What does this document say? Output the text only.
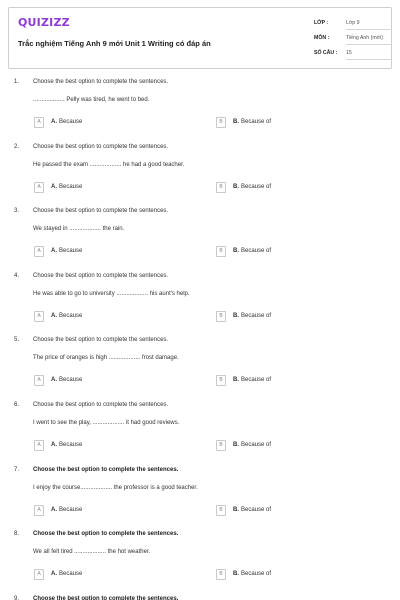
QUIZIZZ
Trắc nghiệm Tiếng Anh 9 mới Unit 1 Writing có đáp án
LỚP :	Lớp 9
MÔN :	Tiếng Anh (mới)
SỐ CÂU : 15
1. Choose the best option to complete the sentences.
................... Pelly was tired, he went to bed.
A	A. Because	B	B. Because of
2. Choose the best option to complete the sentences.
He passed the exam ................... he had a good teacher.
A	A. Because	B	B. Because of
3. Choose the best option to complete the sentences.
We stayed in ................... the rain.
A	A. Because	B	B. Because of
4. Choose the best option to complete the sentences.
He was able to go to university ................... his aunt's help.
A	A. Because	B	B. Because of
5. Choose the best option to complete the sentences.
The price of oranges is high ................... frost damage.
A	A. Because	B	B. Because of
6. Choose the best option to complete the sentences.
I went to see the play, ................... it had good reviews.
A	A. Because	B	B. Because of
7. Choose the best option to complete the sentences.
I enjoy the course................... the professor is a good teacher.
A	A. Because	B	B. Because of
8. Choose the best option to complete the sentences.
We all felt tired ................... the hot weather.
A	A. Because	B	B. Because of
9. Choose the best option to complete the sentences.
